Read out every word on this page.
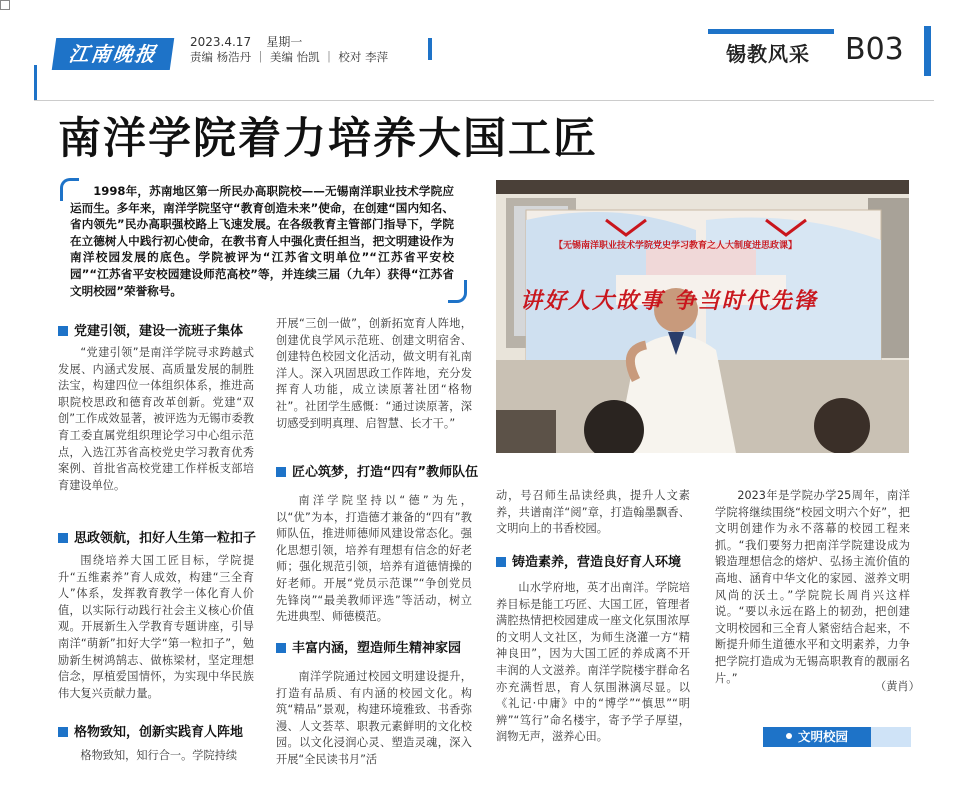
江南晚报	2023.4.17 星期一
责编 杨浩丹 ｜ 美编 怡凯 ｜ 校对 李萍	锡教风采 B03
南洋学院着力培养大国工匠
1998年，苏南地区第一所民办高职院校——无锡南洋职业技术学院应运而生。多年来，南洋学院坚守“教育创造未来”使命，在创建“国内知名、省内领先”民办高职强校路上飞速发展。在各级教育主管部门指导下，学院在立德树人中践行初心使命，在教书育人中强化责任担当，把文明建设作为南洋校园发展的底色。学院被评为“江苏省文明单位”“江苏省平安校园”“江苏省平安校园建设师范高校”等，并连续三届（九年）获得“江苏省文明校园”荣誉称号。
【无锡南洋职业技术学院党史学习教育之人大制度进思政课】
讲好人大故事 争当时代先锋
党建引领，建设一流班子集体

“党建引领”是南洋学院寻求跨越式发展、内涵式发展、高质量发展的制胜法宝，构建四位一体组织体系，推进高职院校思政和德育改革创新。党建“双创”工作成效显著，被评选为无锡市委教育工委直属党组织理论学习中心组示范点，入选江苏省高校党史学习教育优秀案例、首批省高校党建工作样板支部培育建设单位。

思政领航，扣好人生第一粒扣子

围绕培养大国工匠目标，学院提升“五维素养”育人成效，构建“三全育人”体系，发挥教育教学一体化育人价值，以实际行动践行社会主义核心价值观。开展新生入学教育专题讲座，引导南洋“萌新”扣好大学“第一粒扣子”，勉励新生树鸿鹄志、做栋梁材，坚定理想信念，厚植爱国情怀，为实现中华民族伟大复兴贡献力量。

格物致知，创新实践育人阵地

格物致知，知行合一。学院持续

开展“三创一做”，创新拓宽育人阵地，创建优良学风示范班、创建文明宿舍、创建特色校园文化活动，做文明有礼南洋人。深入巩固思政工作阵地，充分发挥育人功能，成立读原著社团“格物社”。社团学生感慨：“通过读原著，深切感受到明真理、启智慧、长才干。”

匠心筑梦，打造“四有”教师队伍

南洋学院坚持以“德”为先，以“优”为本，打造德才兼备的“四有”教师队伍，推进师德师风建设常态化。强化思想引领，培养有理想有信念的好老师；强化规范引领，培养有道德情操的好老师。开展“党员示范课”“争创党员先锋岗”“最美教师评选”等活动，树立先进典型、师德模范。

丰富内涵，塑造师生精神家园

南洋学院通过校园文明建设提升，打造有品质、有内涵的校园文化。构筑“精品”景观，构建环境雅致、书香弥漫、人文荟萃、职教元素鲜明的文化校园。以文化浸润心灵、塑造灵魂，深入开展“全民读书月”活

动，号召师生品读经典，提升人文素养，共谱南洋“阅”章，打造翰墨飘香、文明向上的书香校园。

铸造素养，营造良好育人环境

山水学府地，英才出南洋。学院培养目标是能工巧匠、大国工匠，管理者满腔热情把校园建成一座文化氛围浓厚的文明人文社区，为师生浇灌一方“精神良田”，因为大国工匠的养成离不开丰润的人文滋养。南洋学院楼宇群命名亦充满哲思，育人氛围淋漓尽显。以《礼记·中庸》中的“博学”“慎思”“明辨”“笃行”命名楼宇，寄予学子厚望，润物无声，滋养心田。

2023年是学院办学25周年，南洋学院将继续围绕“校园文明六个好”，把文明创建作为永不落幕的校园工程来抓。“我们要努力把南洋学院建设成为锻造理想信念的熔炉、弘扬主流价值的高地、涵育中华文化的家园、滋养文明风尚的沃土。”学院院长周肖兴这样说。“要以永远在路上的韧劲，把创建文明校园和三全育人紧密结合起来，不断提升师生道德水平和文明素养，力争把学院打造成为无锡高职教育的靓丽名片。”

（黄肖）
文明校园
